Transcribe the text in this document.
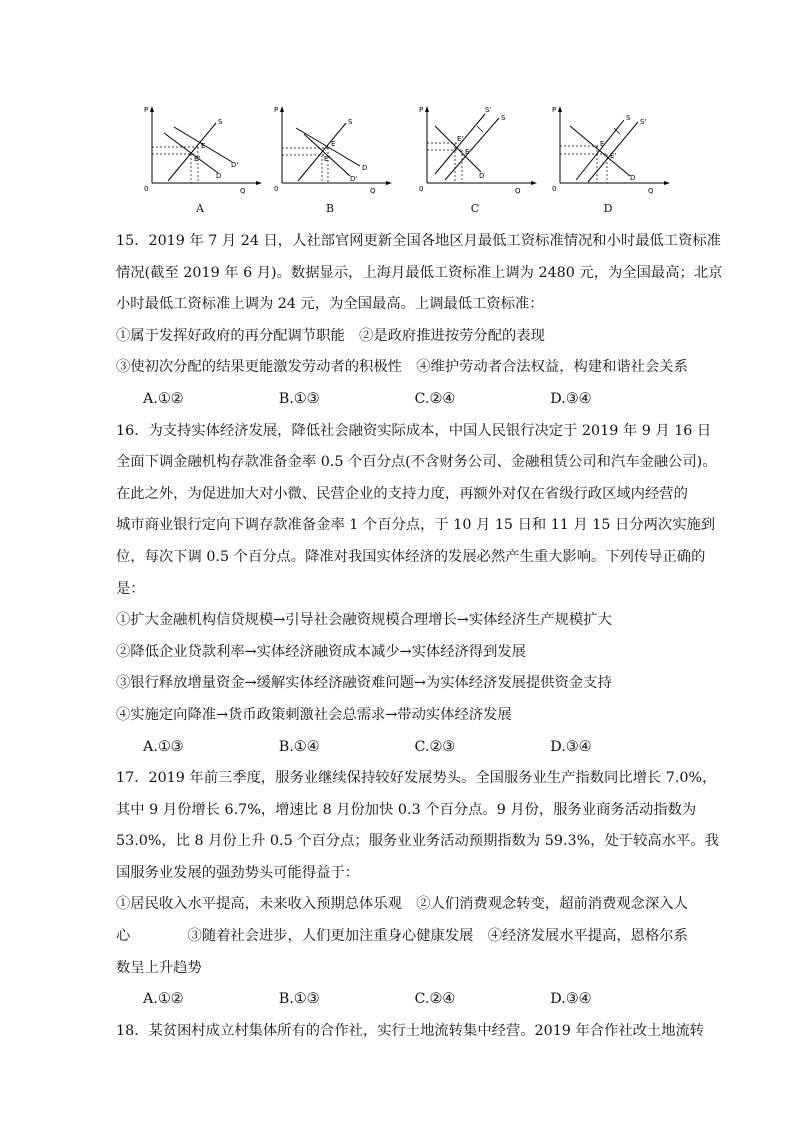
P
Q
0
S
D
D'
E
E'
A
P
Q
0
S
D
D'
E
E'
B
P
Q
0
S
S'
D
E
E'
C
P
Q
0
S S'
D
E
E'
D
15．2019 年 7 月 24 日，人社部官网更新全国各地区月最低工资标准情况和小时最低工资标准
情况(截至 2019 年 6 月)。数据显示，上海月最低工资标准上调为 2480 元，为全国最高；北京
小时最低工资标准上调为 24 元，为全国最高。上调最低工资标准：
①属于发挥好政府的再分配调节职能　②是政府推进按劳分配的表现
③使初次分配的结果更能激发劳动者的积极性　④维护劳动者合法权益，构建和谐社会关系
A.①②	B.①③	C.②④	D.③④
16．为支持实体经济发展，降低社会融资实际成本，中国人民银行决定于 2019 年 9 月 16 日
全面下调金融机构存款准备金率 0.5 个百分点(不含财务公司、金融租赁公司和汽车金融公司)。
在此之外，为促进加大对小微、民营企业的支持力度，再额外对仅在省级行政区域内经营的
城市商业银行定向下调存款准备金率 1 个百分点，于 10 月 15 日和 11 月 15 日分两次实施到
位，每次下调 0.5 个百分点。降准对我国实体经济的发展必然产生重大影响。下列传导正确的
是：
①扩大金融机构信贷规模→引导社会融资规模合理增长→实体经济生产规模扩大
②降低企业贷款利率→实体经济融资成本减少→实体经济得到发展
③银行释放增量资金→缓解实体经济融资难问题→为实体经济发展提供资金支持
④实施定向降准→货币政策刺激社会总需求→带动实体经济发展
A.①③	B.①④	C.②③	D.③④
17．2019 年前三季度，服务业继续保持较好发展势头。全国服务业生产指数同比增长 7.0%，
其中 9 月份增长 6.7%，增速比 8 月份加快 0.3 个百分点。9 月份，服务业商务活动指数为
53.0%，比 8 月份上升 0.5 个百分点；服务业业务活动预期指数为 59.3%，处于较高水平。我
国服务业发展的强劲势头可能得益于：
①居民收入水平提高，未来收入预期总体乐观　②人们消费观念转变，超前消费观念深入人
心　　　　③随着社会进步，人们更加注重身心健康发展　④经济发展水平提高，恩格尔系
数呈上升趋势
A.①②	B.①③	C.②④	D.③④
18．某贫困村成立村集体所有的合作社，实行土地流转集中经营。2019 年合作社改土地流转
